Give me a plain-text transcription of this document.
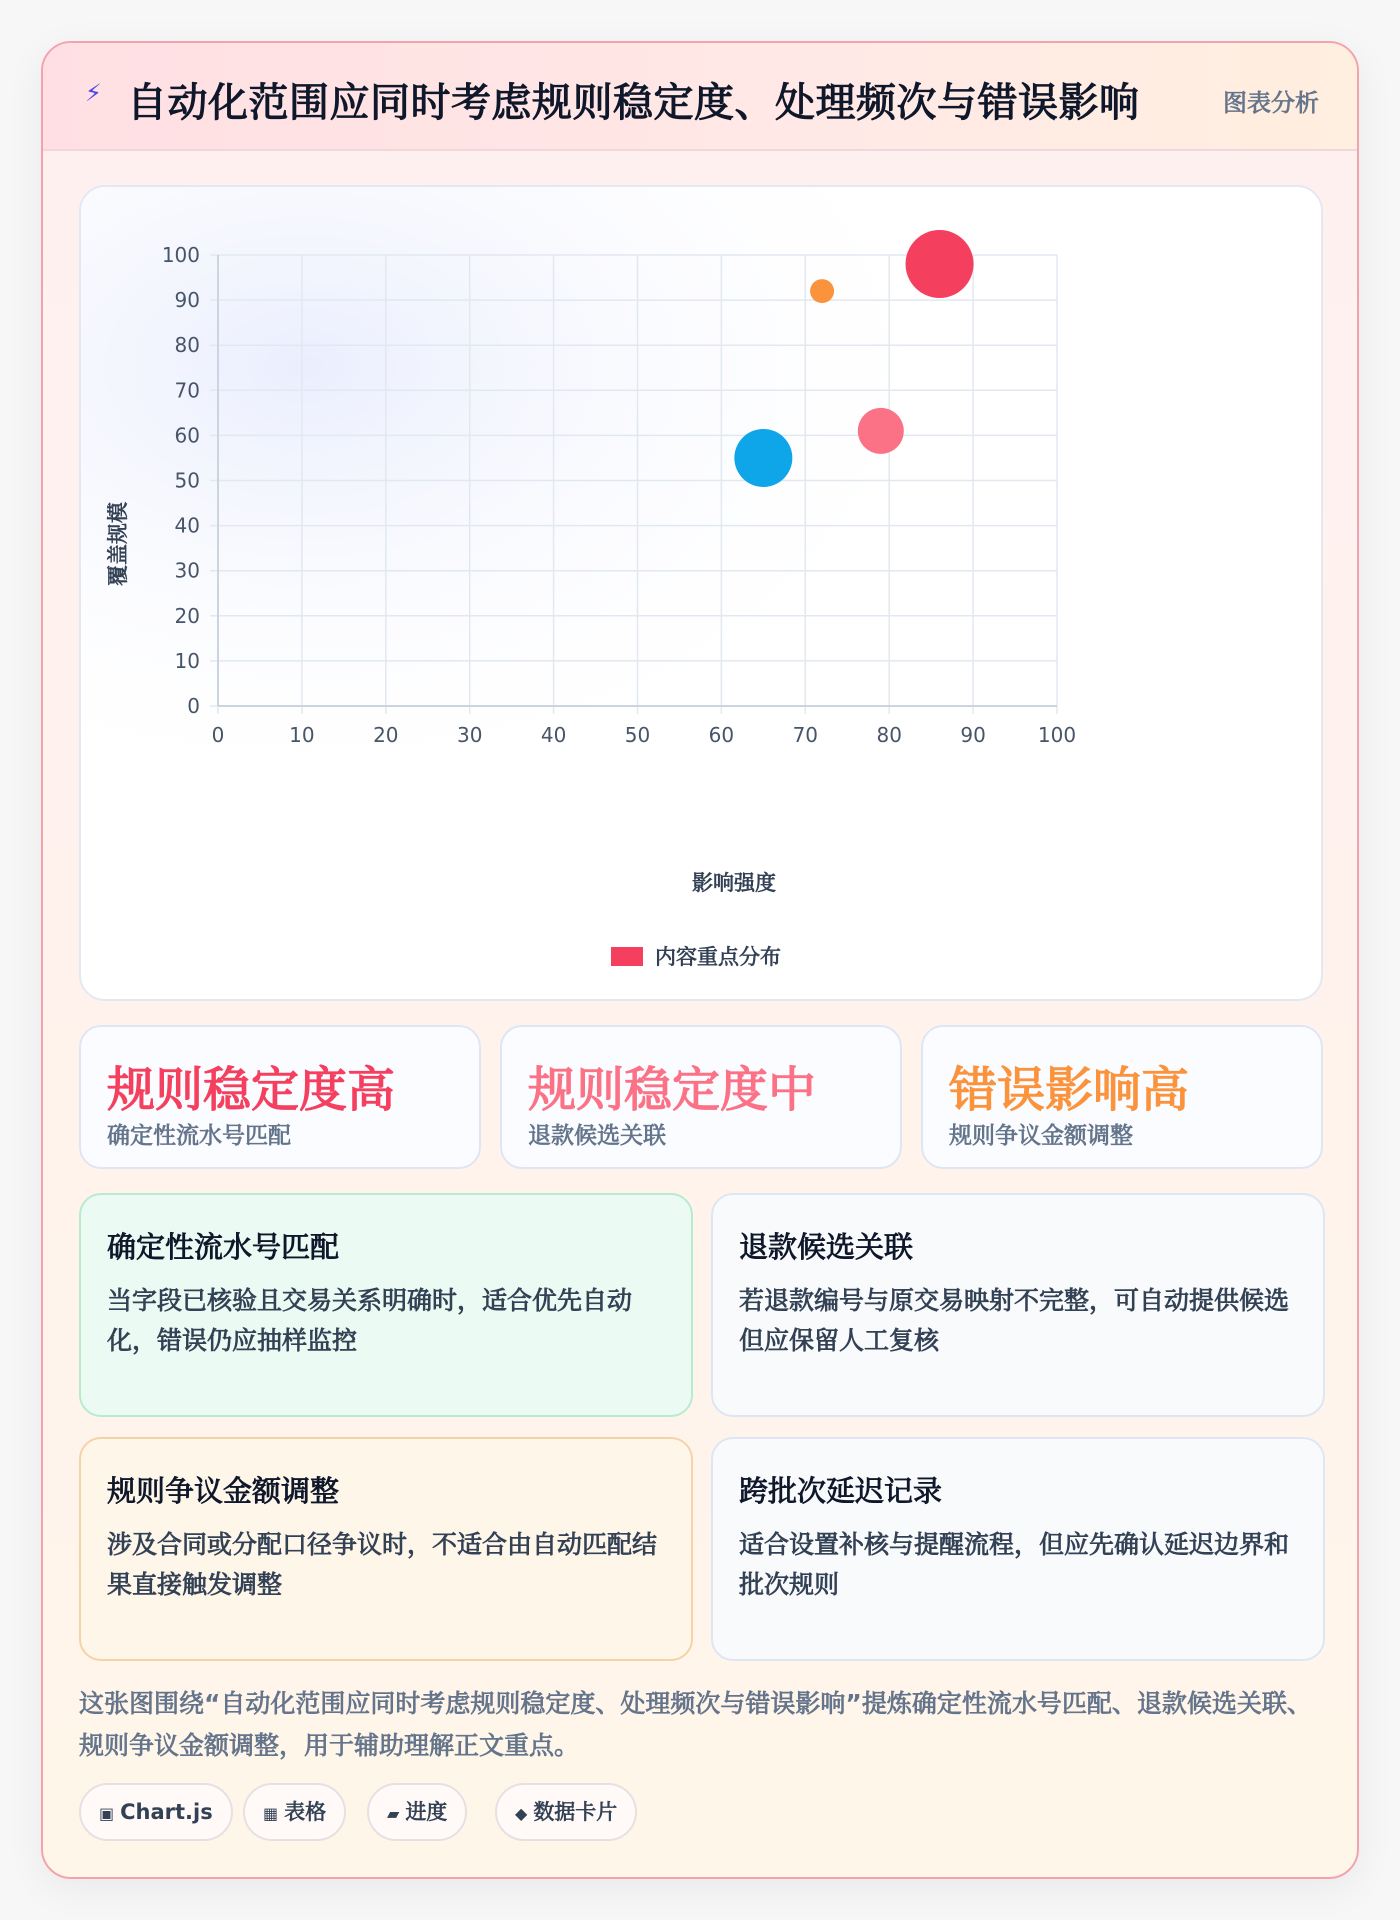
⚡ 自动化范围应同时考虑规则稳定度、处理频次与错误影响	图表分析
0	10	20	30	40	50	60	70	80	90	100
0
10
20
30
40
50
60
70
80
90
100
影响强度
覆盖规模
内容重点分布
规则稳定度高
确定性流水号匹配
规则稳定度中
退款候选关联
错误影响高
规则争议金额调整
确定性流水号匹配
当字段已核验且交易关系明确时，适合优先自动化，错误仍应抽样监控
退款候选关联
若退款编号与原交易映射不完整，可自动提供候选但应保留人工复核
规则争议金额调整
涉及合同或分配口径争议时，不适合由自动匹配结果直接触发调整
跨批次延迟记录
适合设置补核与提醒流程，但应先确认延迟边界和批次规则
这张图围绕“自动化范围应同时考虑规则稳定度、处理频次与错误影响”提炼确定性流水号匹配、退款候选关联、规则争议金额调整，用于辅助理解正文重点。
▣ Chart.js	▦ 表格	▰ 进度	◆ 数据卡片
